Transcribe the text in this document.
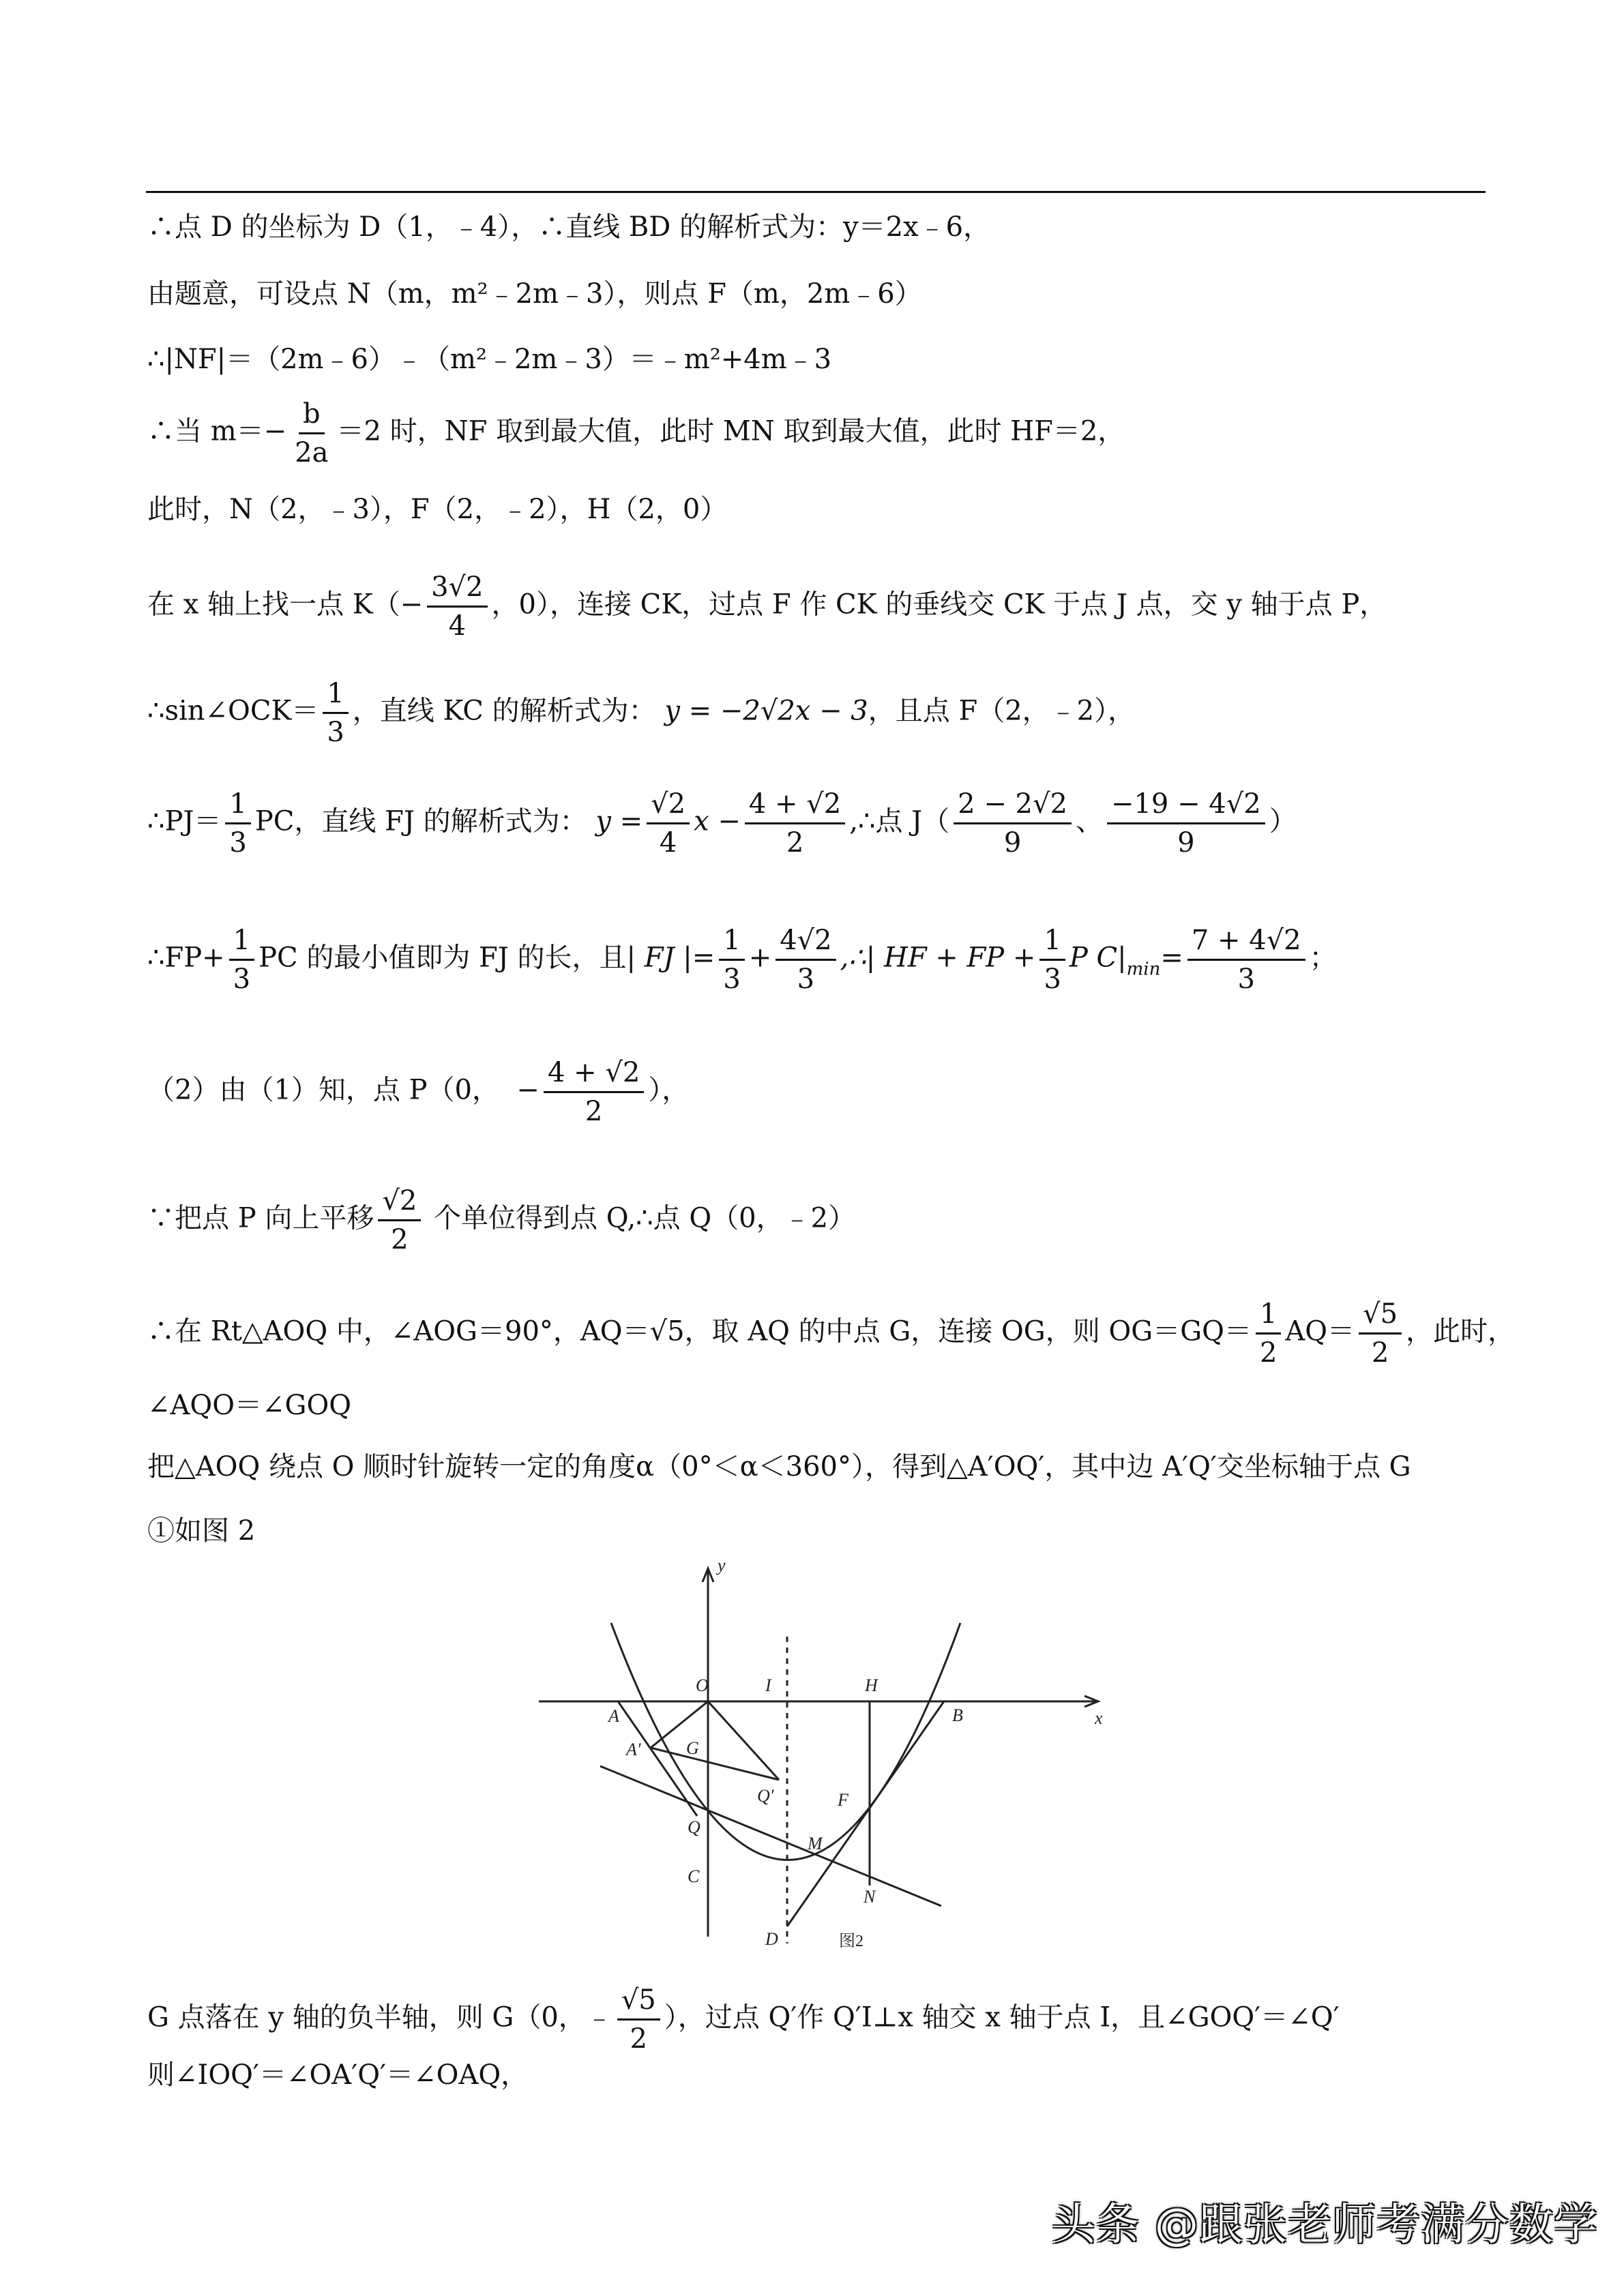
∴点 D 的坐标为 D（1，﹣4），∴直线 BD 的解析式为：y＝2x﹣6，
由题意，可设点 N（m，m²﹣2m﹣3），则点 F（m，2m﹣6）
∴|NF|＝（2m﹣6）﹣（m²﹣2m﹣3）＝﹣m²+4m﹣3
∴当 $m=- \frac{b}{2a} =2$ 时，NF 取到最大值，此时 MN 取到最大值，此时 HF＝2，
此时，N（2，﹣3），F（2，﹣2），H（2，0）
在 x 轴上找一点 $K(- \frac{3√2}{4}$ ，0），连接 CK，过点 F 作 CK 的垂线交 CK 于点 J 点，交 y 轴于点 P，
∴sin∠OCK＝ $\frac{1}{3}$ ，直线 KC 的解析式为： y = −2√2x − 3，且点 F（2，﹣2），
∴PJ＝ $\frac{1}{3}$ PC，直线 FJ 的解析式为： $y = \frac{√2}{4}$ $x - \frac{4 + √2}{2}$ ,∴点 $J( \frac{2 - 2√2}{9}$ 、 $\frac{-19 - 4√2}{9}$ ）
∴FP+ $\frac{1}{3}$ PC 的最小值即为 FJ 的长，且| FJ |= $\frac{1}{3} + \frac{4√2}{3}$ ,∴| HF + FP + $\frac{1}{3}$ P $C|_{min}= \frac{7 + 4√2}{3}$ ；
（2）由（1）知，点 P（0， − $\frac{4 + √2}{2}$ ），
∵把点 P 向上平移 $\frac{√2}{2}$ 个单位得到点 Q,∴点 Q（0，﹣2）
∴在 Rt△AOQ 中，∠AOG＝90°，AQ＝√5，取 AQ 的中点 G，连接 OG，则 $OG=GQ= \frac{1}{2} AQ= \frac{√5}{2}$ ，此时，
∠AQO＝∠GOQ
把△AOQ 绕点 O 顺时针旋转一定的角度α（0°＜α＜360°），得到△A′OQ′，其中边 A′Q′交坐标轴于点 G
①如图 2
y
x
O	I	H
A	B
A′	G
Q′	F
Q
M
N
C
D	图2
G 点落在 y 轴的负半轴，则 G（0，﹣ $\frac{√5}{2}$ ），过点 Q′作 Q′I⊥x 轴交 x 轴于点 I，且∠GOQ′＝∠Q′
则∠IOQ′＝∠OA′Q′＝∠OAQ，
头条 @跟张老师考满分数学
